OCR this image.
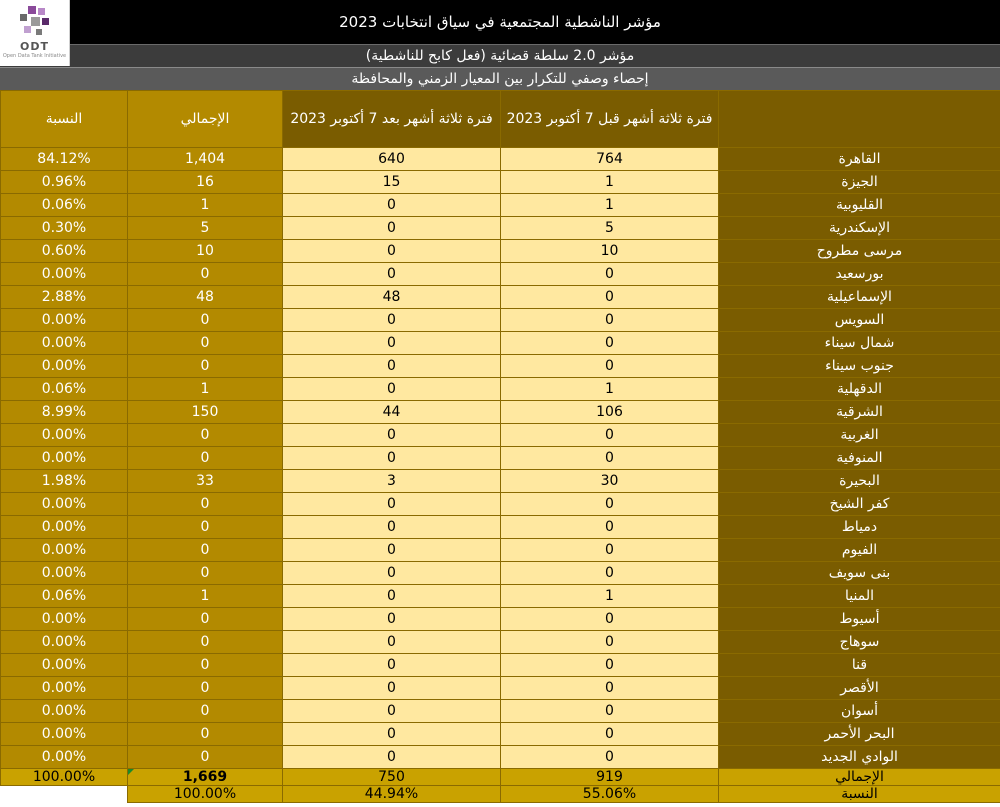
ODT
Open Data Tank Initiative
مؤشر الناشطية المجتمعية في سياق انتخابات 2023
مؤشر 2.0 سلطة قضائية (فعل كابح للناشطية)
إحصاء وصفي للتكرار بين المعيار الزمني والمحافظة
	فترة ثلاثة أشهر قبل 7 أكتوبر 2023	فترة ثلاثة أشهر بعد 7 أكتوبر 2023	الإجمالي	النسبة
القاهرة	764	640	1,404	84.12%
الجيزة	1	15	16	0.96%
القليوبية	1	0	1	0.06%
الإسكندرية	5	0	5	0.30%
مرسى مطروح	10	0	10	0.60%
بورسعيد	0	0	0	0.00%
الإسماعيلية	0	48	48	2.88%
السويس	0	0	0	0.00%
شمال سيناء	0	0	0	0.00%
جنوب سيناء	0	0	0	0.00%
الدقهلية	1	0	1	0.06%
الشرقية	106	44	150	8.99%
الغربية	0	0	0	0.00%
المنوفية	0	0	0	0.00%
البحيرة	30	3	33	1.98%
كفر الشيخ	0	0	0	0.00%
دمياط	0	0	0	0.00%
الفيوم	0	0	0	0.00%
بنى سويف	0	0	0	0.00%
المنيا	1	0	1	0.06%
أسيوط	0	0	0	0.00%
سوهاج	0	0	0	0.00%
قنا	0	0	0	0.00%
الأقصر	0	0	0	0.00%
أسوان	0	0	0	0.00%
البحر الأحمر	0	0	0	0.00%
الوادي الجديد	0	0	0	0.00%
الإجمالي	919	750	1,669	100.00%
النسبة	55.06%	44.94%	100.00%	
